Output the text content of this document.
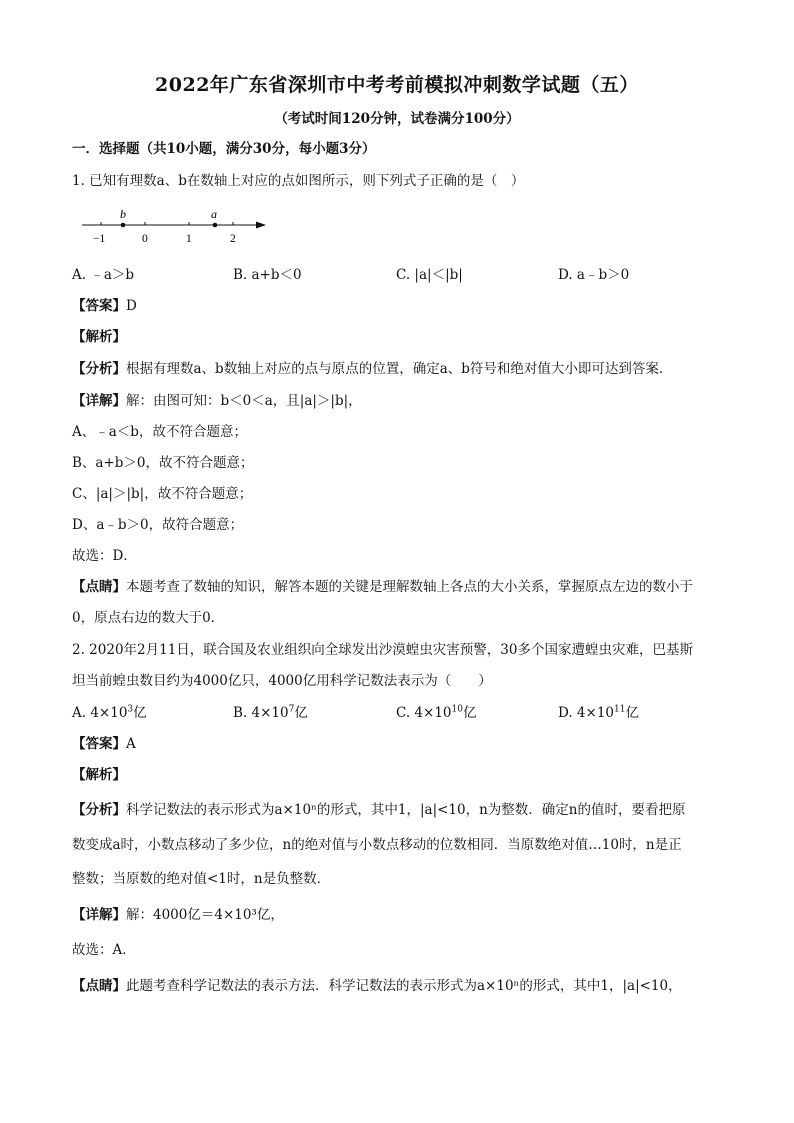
2022年广东省深圳市中考考前模拟冲刺数学试题（五）
（考试时间120分钟，试卷满分100分）
一．选择题（共10小题，满分30分，每小题3分）
1. 已知有理数a、b在数轴上对应的点如图所示，则下列式子正确的是（　）
b	a
−1	0	1	2
A. ﹣a＞b	B. a+b＜0	C. |a|＜|b|	D. a﹣b＞0
【答案】D
【解析】
【分析】根据有理数a、b数轴上对应的点与原点的位置，确定a、b符号和绝对值大小即可达到答案．
【详解】解：由图可知：b＜0＜a，且|a|＞|b|，
A、﹣a＜b，故不符合题意；
B、a+b＞0，故不符合题意；
C、|a|＞|b|，故不符合题意；
D、a﹣b＞0，故符合题意；
故选：D．
【点睛】本题考查了数轴的知识，解答本题的关键是理解数轴上各点的大小关系，掌握原点左边的数小于
0，原点右边的数大于0．
2. 2020年2月11日，联合国及农业组织向全球发出沙漠蝗虫灾害预警，30多个国家遭蝗虫灾难，巴基斯
坦当前蝗虫数目约为4000亿只，4000亿用科学记数法表示为（　　）
A. $4\times 10^3$亿	B. $4\times 10^7$亿	C. $4\times 10^{10}$亿	D. $4\times 10^{11}$亿
【答案】A
【解析】
【分析】科学记数法的表示形式为a×10ⁿ的形式，其中1，|a|<10，n为整数．确定n的值时，要看把原
数变成a时，小数点移动了多少位，n的绝对值与小数点移动的位数相同．当原数绝对值…10时，n是正
整数；当原数的绝对值<1时，n是负整数．
【详解】解：4000亿＝4×10³亿，
故选：A．
【点睛】此题考查科学记数法的表示方法．科学记数法的表示形式为a×10ⁿ的形式，其中1，|a|<10，
